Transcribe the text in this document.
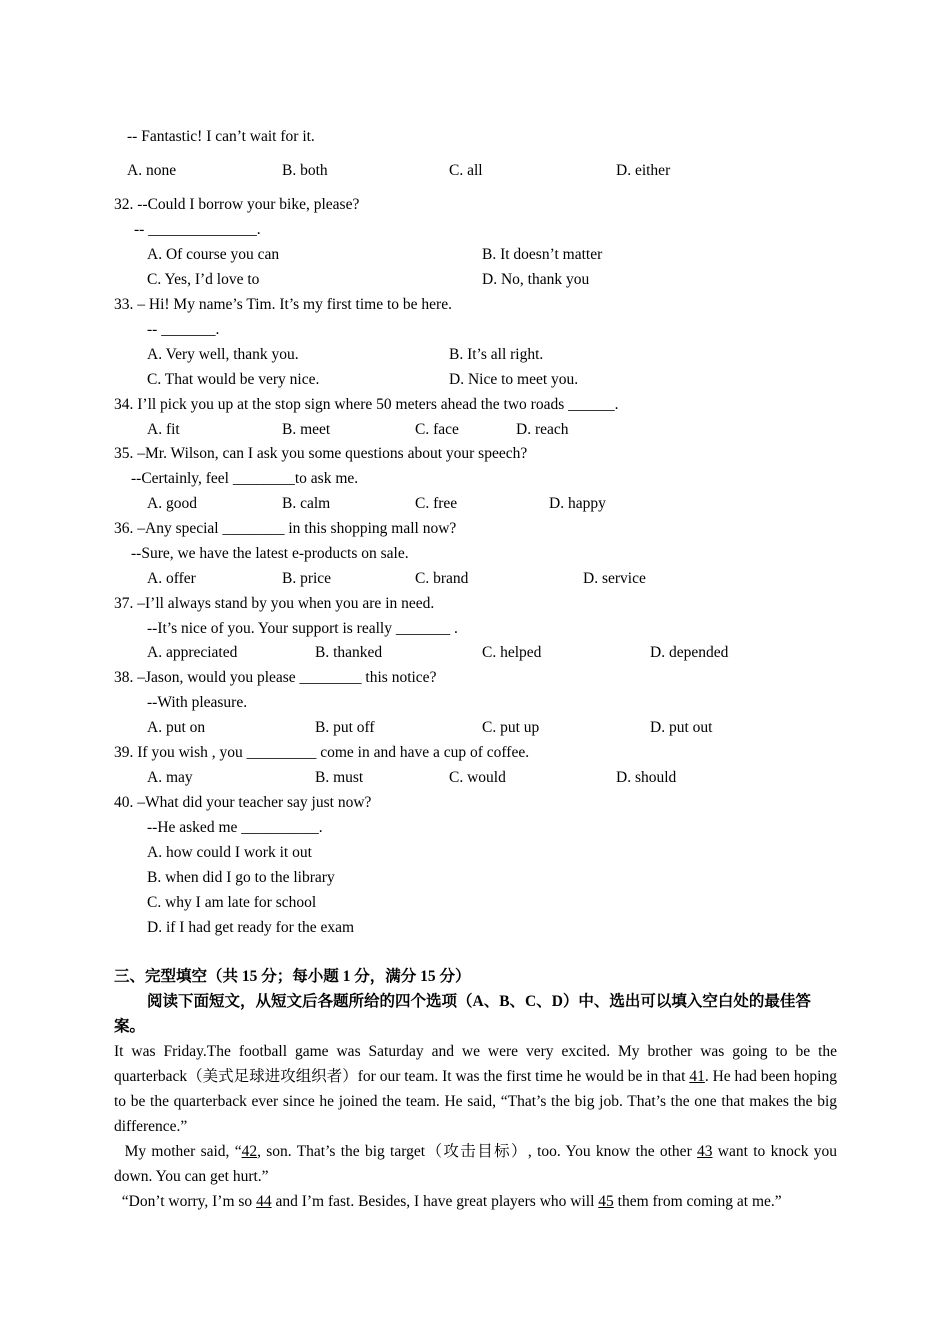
-- Fantastic! I can’t wait for it.
A. none	B. both	C. all	D. either
32. --Could I borrow your bike, please?
-- ______________.
A. Of course you can	B. It doesn’t matter
C. Yes, I’d love to	D. No, thank you
33. – Hi! My name’s Tim. It’s my first time to be here.
-- _______.
A. Very well, thank you.	B. It’s all right.
C. That would be very nice.	D. Nice to meet you.
34. I’ll pick you up at the stop sign where 50 meters ahead the two roads ______.
A. fit	B. meet	C. face	D. reach
35. –Mr. Wilson, can I ask you some questions about your speech?
--Certainly, feel ________to ask me.
A. good	B. calm	C. free	D. happy
36. –Any special ________ in this shopping mall now?
--Sure, we have the latest e-products on sale.
A. offer	B. price	C. brand	D. service
37. –I’ll always stand by you when you are in need.
--It’s nice of you. Your support is really _______ .
A. appreciated	B. thanked	C. helped	D. depended
38. –Jason, would you please ________ this notice?
--With pleasure.
A. put on	B. put off	C. put up	D. put out
39. If you wish , you _________ come in and have a cup of coffee.
A. may	B. must	C. would	D. should
40. –What did your teacher say just now?
--He asked me __________.
A. how could I work it out
B. when did I go to the library
C. why I am late for school
D. if I had get ready for the exam
三、完型填空（共 15 分；每小题 1 分，满分 15 分）
阅读下面短文，从短文后各题所给的四个选项（A、B、C、D）中、选出可以填入空白处的最佳答
案。
It was Friday.The football game was Saturday and we were very excited. My brother was going to be the quarterback（美式足球进攻组织者）for our team. It was the first time he would be in that 41. He had been hoping to be the quarterback ever since he joined the team. He said, “That’s the big job. That’s the one that makes the big difference.”
My mother said, “42, son. That’s the big target（攻击目标）, too. You know the other 43 want to knock you down. You can get hurt.”
“Don’t worry, I’m so 44 and I’m fast. Besides, I have great players who will 45 them from coming at me.”
